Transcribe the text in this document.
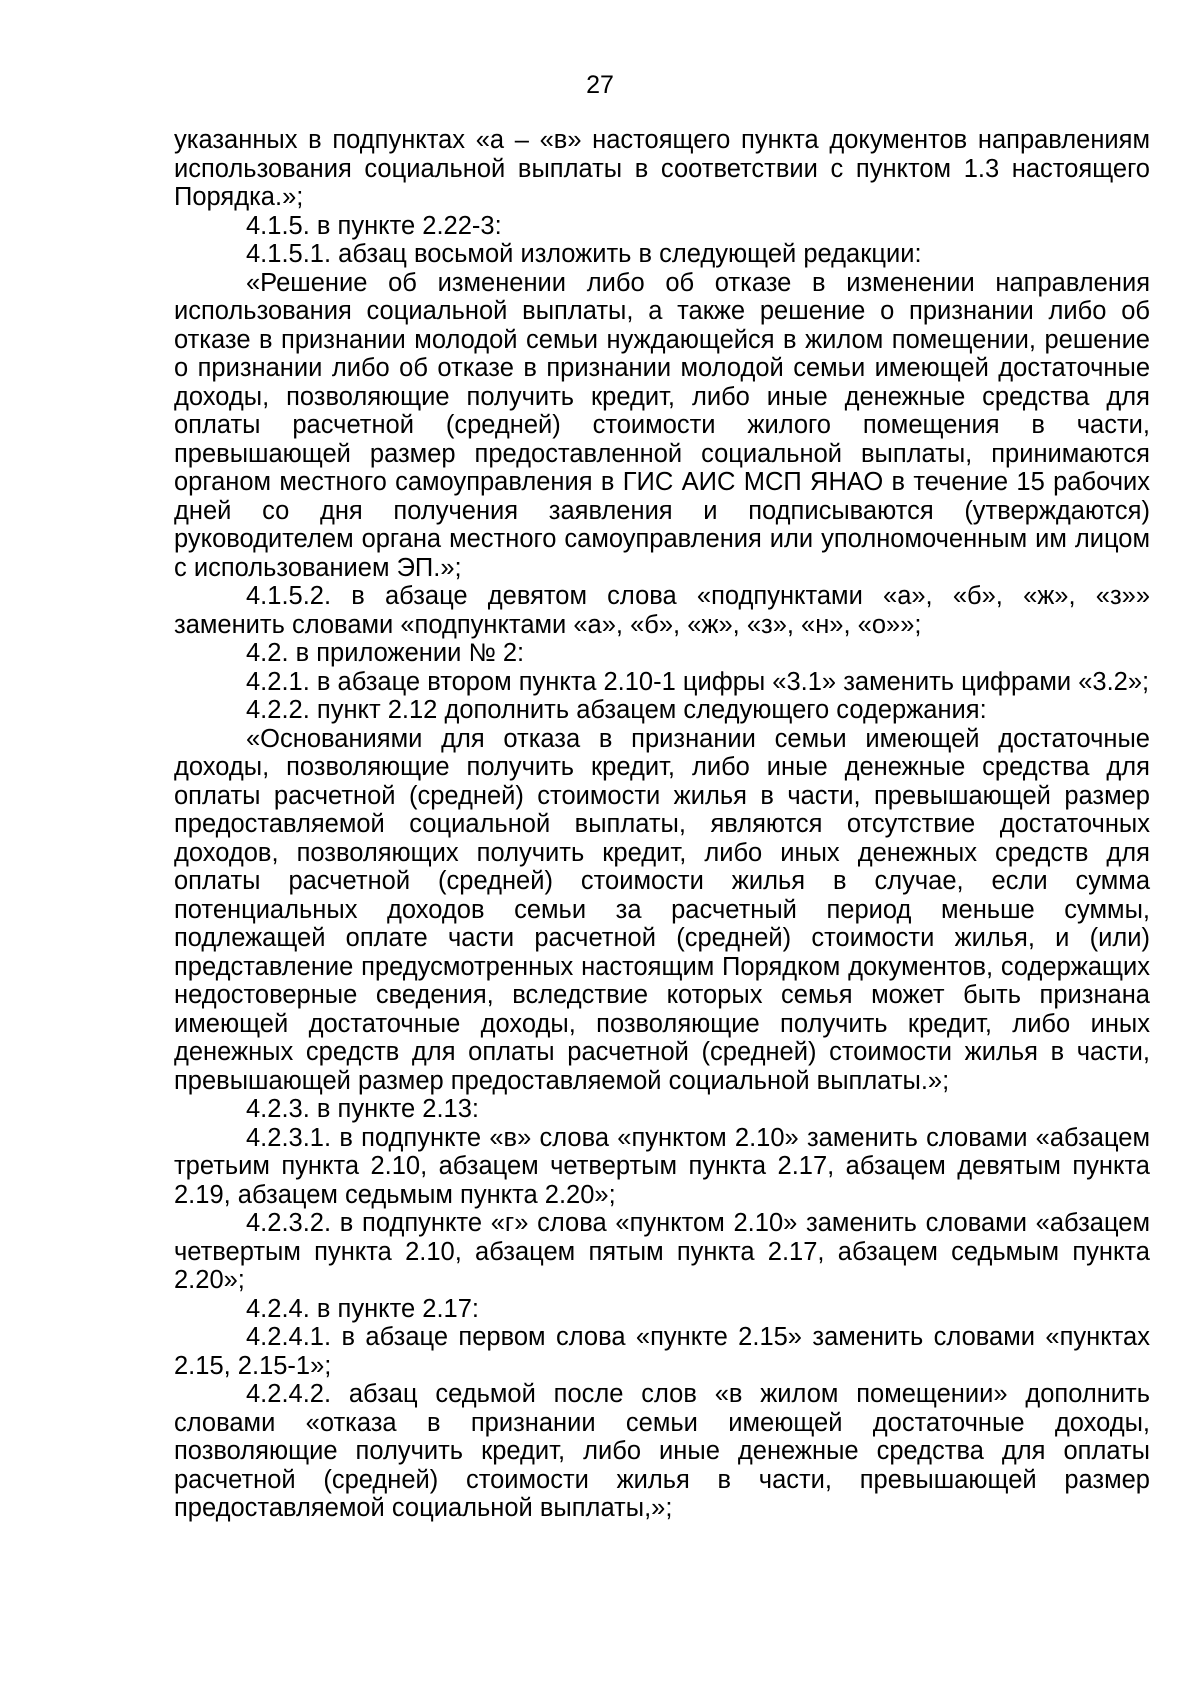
27

указанных в подпунктах «а – «в» настоящего пункта документов направлениям использования социальной выплаты в соответствии с пунктом 1.3 настоящего Порядка.»;

4.1.5. в пункте 2.22-3:

4.1.5.1. абзац восьмой изложить в следующей редакции:

«Решение об изменении либо об отказе в изменении направления использования социальной выплаты, а также решение о признании либо об отказе в признании молодой семьи нуждающейся в жилом помещении, решение о признании либо об отказе в признании молодой семьи имеющей достаточные доходы, позволяющие получить кредит, либо иные денежные средства для оплаты расчетной (средней) стоимости жилого помещения в части, превышающей размер предоставленной социальной выплаты, принимаются органом местного самоуправления в ГИС АИС МСП ЯНАО в течение 15 рабочих дней со дня получения заявления и подписываются (утверждаются) руководителем органа местного самоуправления или уполномоченным им лицом с использованием ЭП.»;

4.1.5.2. в абзаце девятом слова «подпунктами «а», «б», «ж», «з»» заменить словами «подпунктами «а», «б», «ж», «з», «н», «о»»;

4.2. в приложении № 2:

4.2.1. в абзаце втором пункта 2.10-1 цифры «3.1» заменить цифрами «3.2»;

4.2.2. пункт 2.12 дополнить абзацем следующего содержания:

«Основаниями для отказа в признании семьи имеющей достаточные доходы, позволяющие получить кредит, либо иные денежные средства для оплаты расчетной (средней) стоимости жилья в части, превышающей размер предоставляемой социальной выплаты, являются отсутствие достаточных доходов, позволяющих получить кредит, либо иных денежных средств для оплаты расчетной (средней) стоимости жилья в случае, если сумма потенциальных доходов семьи за расчетный период меньше суммы, подлежащей оплате части расчетной (средней) стоимости жилья, и (или) представление предусмотренных настоящим Порядком документов, содержащих недостоверные сведения, вследствие которых семья может быть признана имеющей достаточные доходы, позволяющие получить кредит, либо иных денежных средств для оплаты расчетной (средней) стоимости жилья в части, превышающей размер предоставляемой социальной выплаты.»;

4.2.3. в пункте 2.13:

4.2.3.1. в подпункте «в» слова «пунктом 2.10» заменить словами «абзацем третьим пункта 2.10, абзацем четвертым пункта 2.17, абзацем девятым пункта 2.19, абзацем седьмым пункта 2.20»;

4.2.3.2. в подпункте «г» слова «пунктом 2.10» заменить словами «абзацем четвертым пункта 2.10, абзацем пятым пункта 2.17, абзацем седьмым пункта 2.20»;

4.2.4. в пункте 2.17:

4.2.4.1. в абзаце первом слова «пункте 2.15» заменить словами «пунктах 2.15, 2.15-1»;

4.2.4.2. абзац седьмой после слов «в жилом помещении» дополнить словами «отказа в признании семьи имеющей достаточные доходы, позволяющие получить кредит, либо иные денежные средства для оплаты расчетной (средней) стоимости жилья в части, превышающей размер предоставляемой социальной выплаты,»;
